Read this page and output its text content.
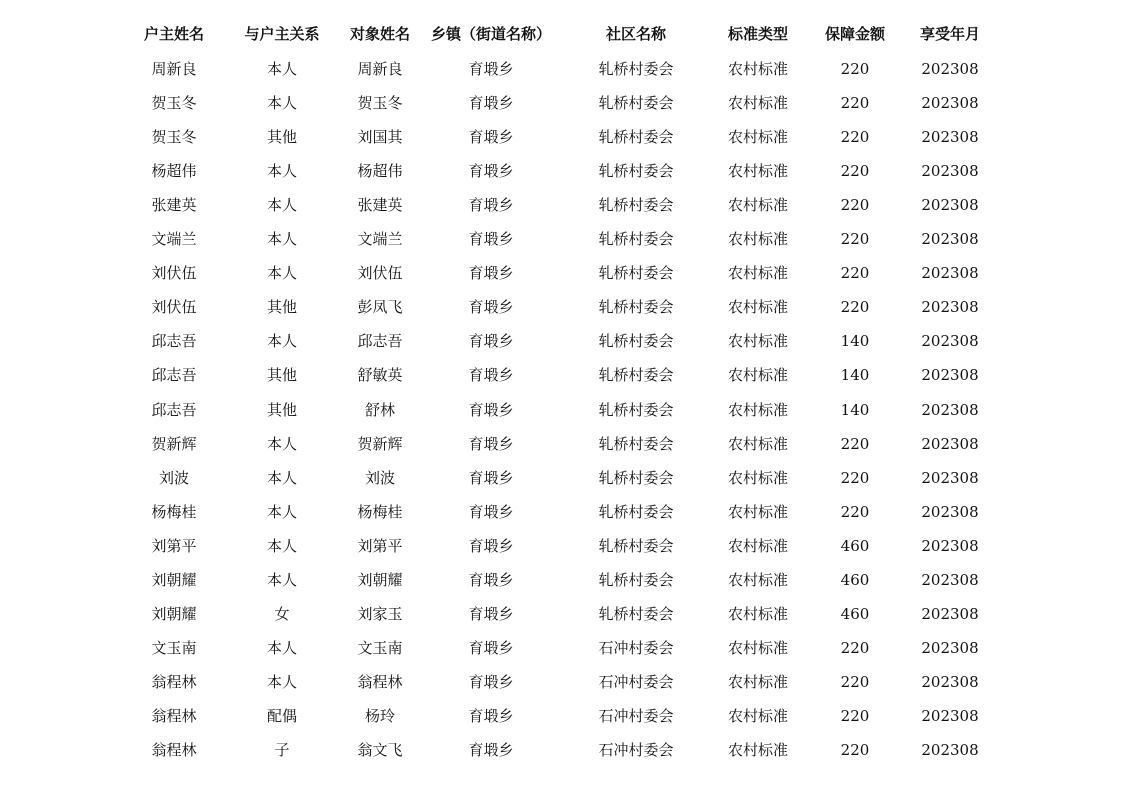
户主姓名	与户主关系	对象姓名	乡镇（街道名称）	社区名称	标准类型	保障金额	享受年月
周新良	本人	周新良	育塅乡	轧桥村委会	农村标准	220	202308
贺玉冬	本人	贺玉冬	育塅乡	轧桥村委会	农村标准	220	202308
贺玉冬	其他	刘国其	育塅乡	轧桥村委会	农村标准	220	202308
杨超伟	本人	杨超伟	育塅乡	轧桥村委会	农村标准	220	202308
张建英	本人	张建英	育塅乡	轧桥村委会	农村标准	220	202308
文端兰	本人	文端兰	育塅乡	轧桥村委会	农村标准	220	202308
刘伏伍	本人	刘伏伍	育塅乡	轧桥村委会	农村标准	220	202308
刘伏伍	其他	彭凤飞	育塅乡	轧桥村委会	农村标准	220	202308
邱志吾	本人	邱志吾	育塅乡	轧桥村委会	农村标准	140	202308
邱志吾	其他	舒敏英	育塅乡	轧桥村委会	农村标准	140	202308
邱志吾	其他	舒林	育塅乡	轧桥村委会	农村标准	140	202308
贺新辉	本人	贺新辉	育塅乡	轧桥村委会	农村标准	220	202308
刘波	本人	刘波	育塅乡	轧桥村委会	农村标准	220	202308
杨梅桂	本人	杨梅桂	育塅乡	轧桥村委会	农村标准	220	202308
刘第平	本人	刘第平	育塅乡	轧桥村委会	农村标准	460	202308
刘朝耀	本人	刘朝耀	育塅乡	轧桥村委会	农村标准	460	202308
刘朝耀	女	刘家玉	育塅乡	轧桥村委会	农村标准	460	202308
文玉南	本人	文玉南	育塅乡	石冲村委会	农村标准	220	202308
翁程林	本人	翁程林	育塅乡	石冲村委会	农村标准	220	202308
翁程林	配偶	杨玲	育塅乡	石冲村委会	农村标准	220	202308
翁程林	子	翁文飞	育塅乡	石冲村委会	农村标准	220	202308
